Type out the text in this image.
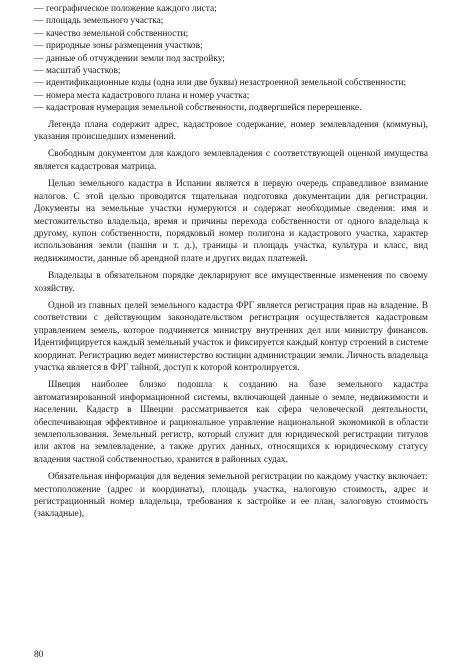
— географическое положение каждого листа;
— площадь земельного участка;
— качество земельной собственности;
— природные зоны размещения участков;
— данные об отчуждении земли под застройку;
— масштаб участков;
— идентификационные коды (одна или две буквы) незастроенной земельной собственности;
— номера места кадастрового плана и номер участка;
— кадастровая нумерация земельной собственности, подвергшейся перерешенке.

Легенда плана содержит адрес, кадастровое содержание, номер землевладения (коммуны), указания происшедших изменений.

Свободным документом для каждого землевладения с соответствующей оценкой имущества является кадастровая матрица.

Целью земельного кадастра в Испании является в первую очередь справедливое взимание налогов. С этой целью проводится тщательная подготовка документации для регистрации. Документы на земельные участки нумеруются и содержат необходимые сведения: имя и местожительство владельца, время и причины перехода собственности от одного владельца к другому, купон собственности, порядковый номер полигона и кадастрового участка, характер использования земли (пашня и т. д.), границы и площадь участка, культура и класс, вид недвижимости, данные об арендной плате и других видах платежей.

Владельцы в обязательном порядке декларируют все имущественные изменения по своему хозяйству.

Одной из главных целей земельного кадастра ФРГ является регистрация прав на владение. В соответствии с действующим законодательством регистрация осуществляется кадастровым управлением земель, которое подчиняется министру внутренних дел или министру финансов. Идентифицируется каждый земельный участок и фиксируется каждый контур строений в системе координат. Регистрацию ведет министерство юстиции администрации земли. Личность владельца участка является в ФРГ тайной, доступ к которой контролируется.

Швеция наиболее близко подошла к созданию на базе земельного кадастра автоматизированной информационной системы, включающей данные о земле, недвижимости и населении. Кадастр в Швеции рассматривается как сфера человеческой деятельности, обеспечивающая эффективное и рациональное управление национальной экономикой в области землепользования. Земельный регистр, который служит для юридической регистрации титулов или актов на землевладение, а также других данных, относящихся к юридическому статусу владения частной собственностью, хранится в районных судах.

Обязательная информация для ведения земельной регистрации по каждому участку включает: местоположение (адрес и координаты), площадь участка, налоговую стоимость, адрес и регистрационный номер владельца, требования к застройке и ее план, залоговую стоимость (закладные),

80
